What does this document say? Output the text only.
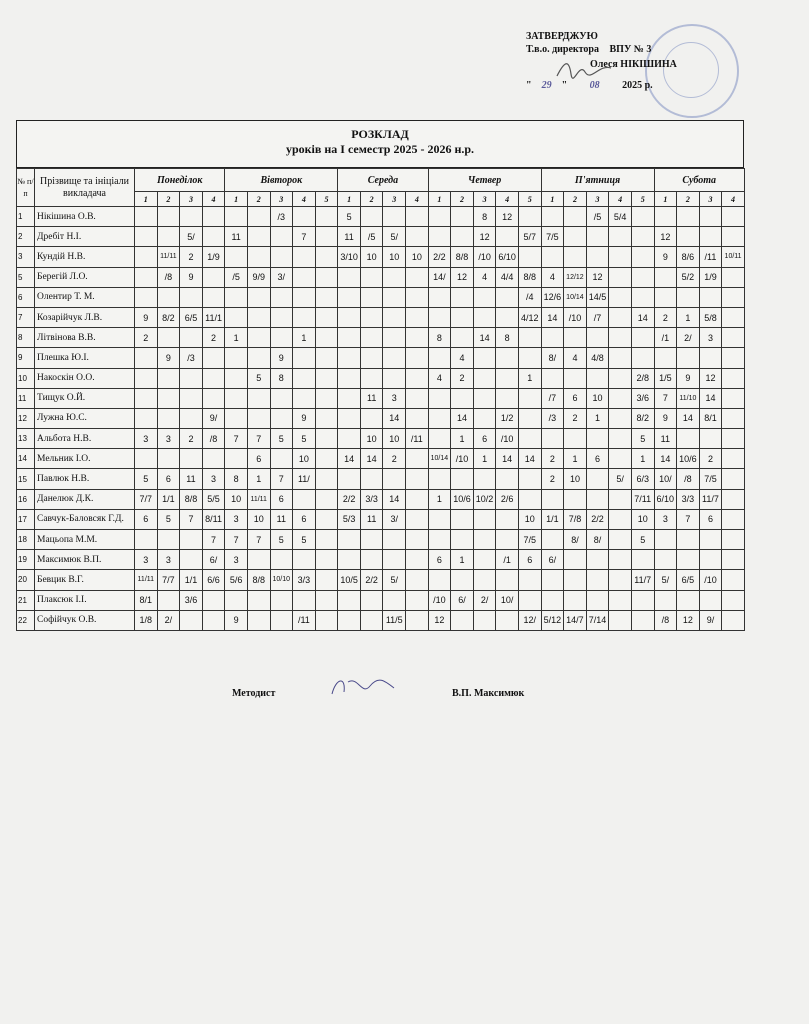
ЗАТВЕРДЖУЮ
Т.в.о. директора ВПУ № 3
Олеся НІКІШИНА
" 29 " 08 2025 р.
РОЗКЛАД
уроків на I семестр 2025 - 2026 н.р.
№ п/п	Прізвище та ініціали викладача	Понеділок				Вівторок					Середа				Четвер					П'ятниця					Субота			
		1	2	3	4	1	2	3	4	5	1	2	3	4	1	2	3	4	5	1	2	3	4	5	1	2	3	4
1	Нікішина О.В.							/3			5						8	12				/5	5/4					
2	Дребіт Н.І.			5/		11			7		11	/5	5/				12		5/7	7/5					12			
3	Кундій Н.В.		11/11	2	1/9						3/10	10	10	10	2/2	8/8	/10	6/10							9	8/6	/11	10/11
5	Берегій Л.О.		/8	9		/5	9/9	3/							14/	12	4	4/4	8/8	4	12/12	12				5/2	1/9	
6	Олентир Т. М.																		/4	12/6	10/14	14/5						
7	Козарійчук Л.В.	9	8/2	6/5	11/1														4/12	14	/10	/7		14	2	1	5/8	
8	Літвінова В.В.	2			2	1			1						8		14	8							/1	2/	3	
9	Плешка Ю.І.		9	/3				9								4				8/	4	4/8						
10	Накоскін О.О.						5	8							4	2			1					2/8	1/5	9	12	
11	Тищук О.Й.											11	3							/7	6	10		3/6	7	11/10	14	
12	Лужна Ю.С.				9/				9				14			14		1/2		/3	2	1		8/2	9	14	8/1	
13	Альбота Н.В.	3	3	2	/8	7	7	5	5			10	10	/11		1	6	/10						5	11			
14	Мельник І.О.						6		10		14	14	2		10/14	/10	1	14	14	2	1	6		1	14	10/6	2	
15	Павлюк Н.В.	5	6	11	3	8	1	7	11/											2	10		5/	6/3	10/	/8	7/5	
16	Данелюк Д.К.	7/7	1/1	8/8	5/5	10	11/11	6			2/2	3/3	14		1	10/6	10/2	2/6						7/11	6/10	3/3	11/7	
17	Савчук-Баловсяк Г.Д.	6	5	7	8/11	3	10	11	6		5/3	11	3/						10	1/1	7/8	2/2		10	3	7	6	
18	Мацьопа М.М.				7	7	7	5	5										7/5		8/	8/		5				
19	Максимюк В.П.	3	3		6/	3									6	1		/1	6	6/								
20	Бевцик В.Г.	11/11	7/7	1/1	6/6	5/6	8/8	10/10	3/3		10/5	2/2	5/											11/7	5/	6/5	/10	
21	Плаксюк І.І.	8/1		3/6											/10	6/	2/	10/										
22	Софійчук О.В.	1/8	2/			9			/11				11/5		12				12/	5/12	14/7	7/14			/8	12	9/	
Методист	В.П. Максимюк
